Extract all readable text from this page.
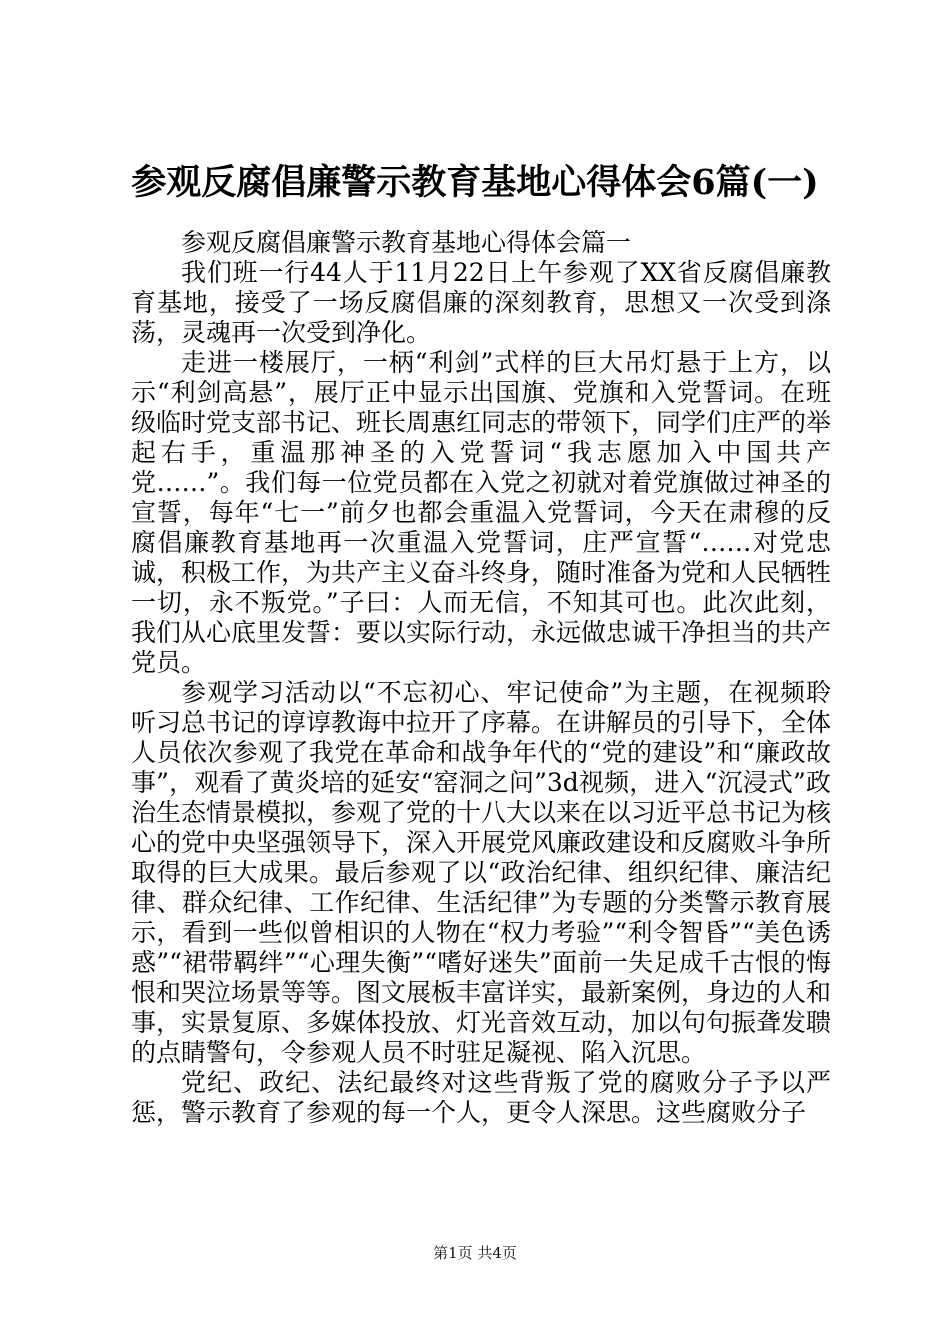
参观反腐倡廉警示教育基地心得体会6篇(一)

参观反腐倡廉警示教育基地心得体会篇一

我们班一行44人于11月22日上午参观了XX省反腐倡廉教育基地，接受了一场反腐倡廉的深刻教育，思想又一次受到涤荡，灵魂再一次受到净化。

走进一楼展厅，一柄“利剑”式样的巨大吊灯悬于上方，以示“利剑高悬”，展厅正中显示出国旗、党旗和入党誓词。在班级临时党支部书记、班长周惠红同志的带领下，同学们庄严的举起右手，重温那神圣的入党誓词“我志愿加入中国共产党……”。我们每一位党员都在入党之初就对着党旗做过神圣的宣誓，每年“七一”前夕也都会重温入党誓词，今天在肃穆的反腐倡廉教育基地再一次重温入党誓词，庄严宣誓“……对党忠诚，积极工作，为共产主义奋斗终身，随时准备为党和人民牺牲一切，永不叛党。”子曰：人而无信，不知其可也。此次此刻，我们从心底里发誓：要以实际行动，永远做忠诚干净担当的共产党员。

参观学习活动以“不忘初心、牢记使命”为主题，在视频聆听习总书记的谆谆教诲中拉开了序幕。在讲解员的引导下，全体人员依次参观了我党在革命和战争年代的“党的建设”和“廉政故事”，观看了黄炎培的延安“窑洞之问”3d视频，进入“沉浸式”政治生态情景模拟，参观了党的十八大以来在以习近平总书记为核心的党中央坚强领导下，深入开展党风廉政建设和反腐败斗争所取得的巨大成果。最后参观了以“政治纪律、组织纪律、廉洁纪律、群众纪律、工作纪律、生活纪律”为专题的分类警示教育展示，看到一些似曾相识的人物在“权力考验”“利令智昏”“美色诱惑”“裙带羁绊”“心理失衡”“嗜好迷失”面前一失足成千古恨的悔恨和哭泣场景等等。图文展板丰富详实，最新案例，身边的人和事，实景复原、多媒体投放、灯光音效互动，加以句句振聋发聩的点睛警句，令参观人员不时驻足凝视、陷入沉思。

党纪、政纪、法纪最终对这些背叛了党的腐败分子予以严惩，警示教育了参观的每一个人，更令人深思。这些腐败分子

第1页 共4页
